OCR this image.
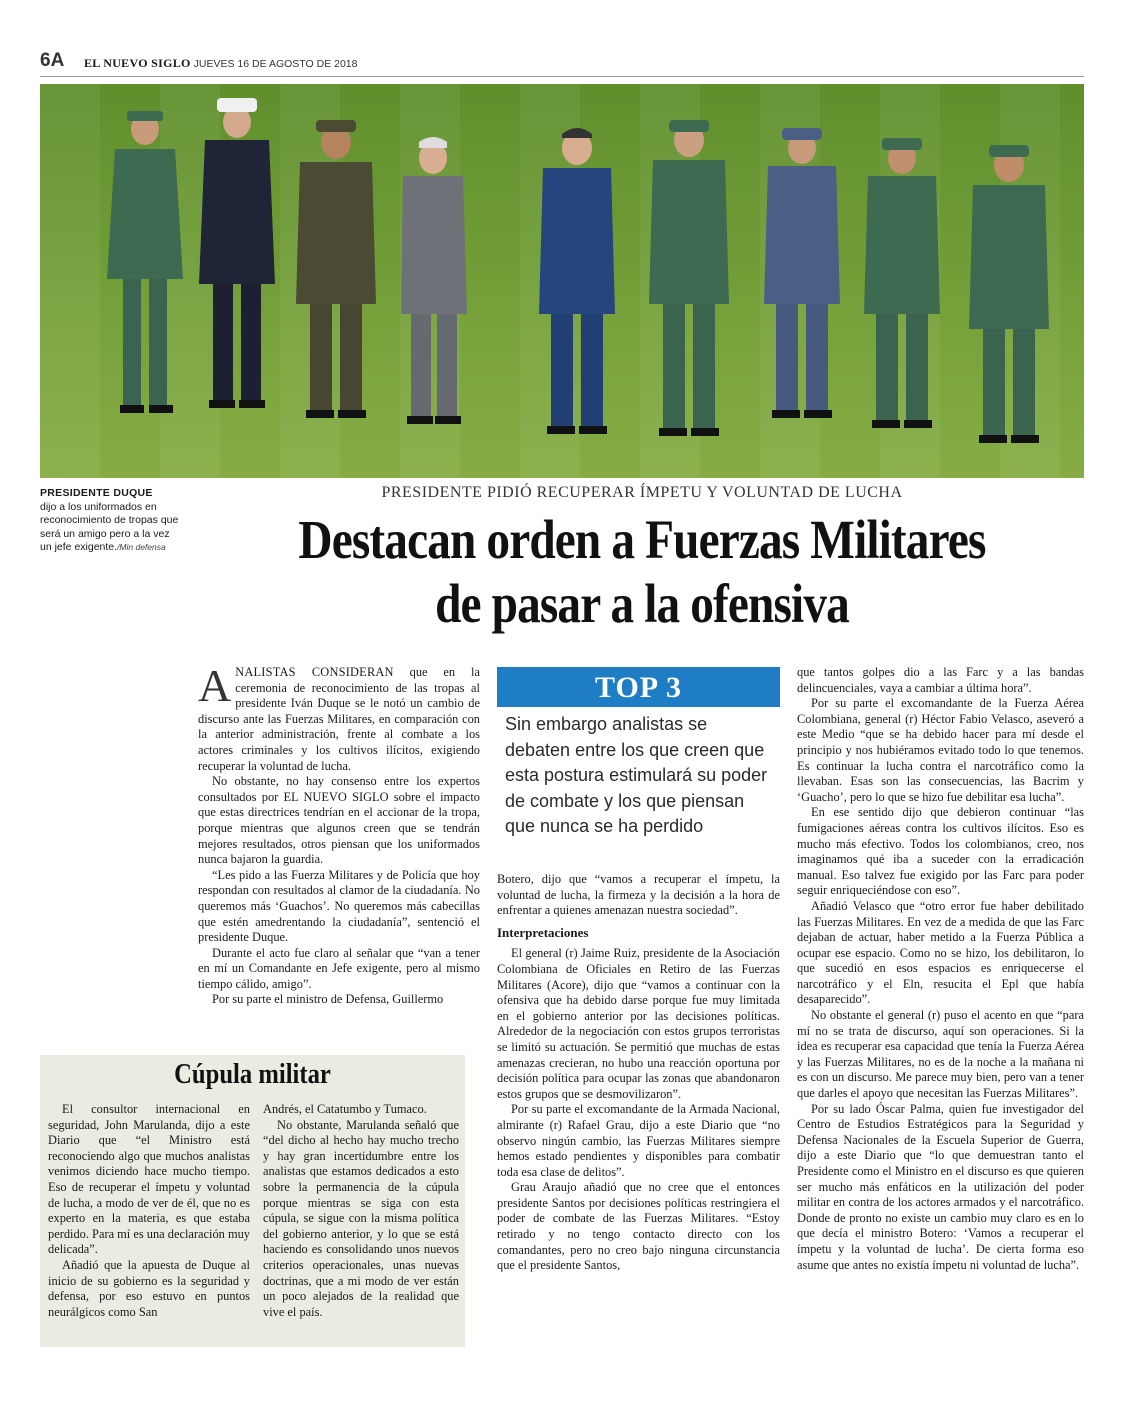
6A EL NUEVO SIGLO JUEVES 16 DE AGOSTO DE 2018
PRESIDENTE DUQUE
dijo a los uniformados en reconocimiento de tropas que será un amigo pero a la vez un jefe exigente./Min defensa
PRESIDENTE PIDIÓ RECUPERAR ÍMPETU Y VOLUNTAD DE LUCHA
Destacan orden a Fuerzas Militares
de pasar a la ofensiva

ANALISTAS CONSIDERAN que en la ceremonia de reconocimiento de las tropas al presidente Iván Duque se le notó un cambio de discurso ante las Fuerzas Militares, en comparación con la anterior administración, frente al combate a los actores criminales y los cultivos ilícitos, exigiendo recuperar la voluntad de lucha.

No obstante, no hay consenso entre los expertos consultados por EL NUEVO SIGLO sobre el impacto que estas directrices tendrían en el accionar de la tropa, porque mientras que algunos creen que se tendrán mejores resultados, otros piensan que los uniformados nunca bajaron la guardia.

“Les pido a las Fuerza Militares y de Policía que hoy respondan con resultados al clamor de la ciudadanía. No queremos más ‘Guachos’. No queremos más cabecillas que estén amedrentando la ciudadanía”, sentenció el presidente Duque.

Durante el acto fue claro al señalar que “van a tener en mí un Comandante en Jefe exigente, pero al mismo tiempo cálido, amigo”.

Por su parte el ministro de Defensa, Guillermo

TOP 3
Sin embargo analistas se debaten entre los que creen que esta postura estimulará su poder de combate y los que piensan que nunca se ha perdido

Botero, dijo que “vamos a recuperar el ímpetu, la voluntad de lucha, la firmeza y la decisión a la hora de enfrentar a quienes amenazan nuestra sociedad”.

Interpretaciones

El general (r) Jaime Ruiz, presidente de la Asociación Colombiana de Oficiales en Retiro de las Fuerzas Militares (Acore), dijo que “vamos a continuar con la ofensiva que ha debido darse porque fue muy limitada en el gobierno anterior por las decisiones políticas. Alrededor de la negociación con estos grupos terroristas se limitó su actuación. Se permitió que muchas de estas amenazas crecieran, no hubo una reacción oportuna por decisión política para ocupar las zonas que abandonaron estos grupos que se desmovilizaron”.

Por su parte el excomandante de la Armada Nacional, almirante (r) Rafael Grau, dijo a este Diario que “no observo ningún cambio, las Fuerzas Militares siempre hemos estado pendientes y disponibles para combatir toda esa clase de delitos”.

Grau Araujo añadió que no cree que el entonces presidente Santos por decisiones políticas restringiera el poder de combate de las Fuerzas Militares. “Estoy retirado y no tengo contacto directo con los comandantes, pero no creo bajo ninguna circunstancia que el presidente Santos,

que tantos golpes dio a las Farc y a las bandas delincuenciales, vaya a cambiar a última hora”.

Por su parte el excomandante de la Fuerza Aérea Colombiana, general (r) Héctor Fabio Velasco, aseveró a este Medio “que se ha debido hacer para mí desde el principio y nos hubiéramos evitado todo lo que tenemos. Es continuar la lucha contra el narcotráfico como la llevaban. Esas son las consecuencias, las Bacrim y ‘Guacho’, pero lo que se hizo fue debilitar esa lucha”.

En ese sentido dijo que debieron continuar “las fumigaciones aéreas contra los cultivos ilícitos. Eso es mucho más efectivo. Todos los colombianos, creo, nos imaginamos qué iba a suceder con la erradicación manual. Eso talvez fue exigido por las Farc para poder seguir enriqueciéndose con eso”.

Añadió Velasco que “otro error fue haber debilitado las Fuerzas Militares. En vez de a medida de que las Farc dejaban de actuar, haber metido a la Fuerza Pública a ocupar ese espacio. Como no se hizo, los debilitaron, lo que sucedió en esos espacios es enriquecerse el narcotráfico y el Eln, resucita el Epl que había desaparecido”.

No obstante el general (r) puso el acento en que “para mí no se trata de discurso, aquí son operaciones. Si la idea es recuperar esa capacidad que tenía la Fuerza Aérea y las Fuerzas Militares, no es de la noche a la mañana ni es con un discurso. Me parece muy bien, pero van a tener que darles el apoyo que necesitan las Fuerzas Militares”.

Por su lado Óscar Palma, quien fue investigador del Centro de Estudios Estratégicos para la Seguridad y Defensa Nacionales de la Escuela Superior de Guerra, dijo a este Diario que “lo que demuestran tanto el Presidente como el Ministro en el discurso es que quieren ser mucho más enfáticos en la utilización del poder militar en contra de los actores armados y el narcotráfico. Donde de pronto no existe un cambio muy claro es en lo que decía el ministro Botero: ‘Vamos a recuperar el ímpetu y la voluntad de lucha’. De cierta forma eso asume que antes no existía ímpetu ni voluntad de lucha”.

Cúpula militar

El consultor internacional en seguridad, John Marulanda, dijo a este Diario que “el Ministro está reconociendo algo que muchos analistas venimos diciendo hace mucho tiempo. Eso de recuperar el ímpetu y voluntad de lucha, a modo de ver de él, que no es experto en la materia, es que estaba perdido. Para mí es una declaración muy delicada”.

Añadió que la apuesta de Duque al inicio de su gobierno es la seguridad y defensa, por eso estuvo en puntos neurálgicos como San

Andrés, el Catatumbo y Tumaco.

No obstante, Marulanda señaló que “del dicho al hecho hay mucho trecho y hay gran incertidumbre entre los analistas que estamos dedicados a esto sobre la permanencia de la cúpula porque mientras se siga con esta cúpula, se sigue con la misma política del gobierno anterior, y lo que se está haciendo es consolidando unos nuevos criterios operacionales, unas nuevas doctrinas, que a mi modo de ver están un poco alejados de la realidad que vive el país.
